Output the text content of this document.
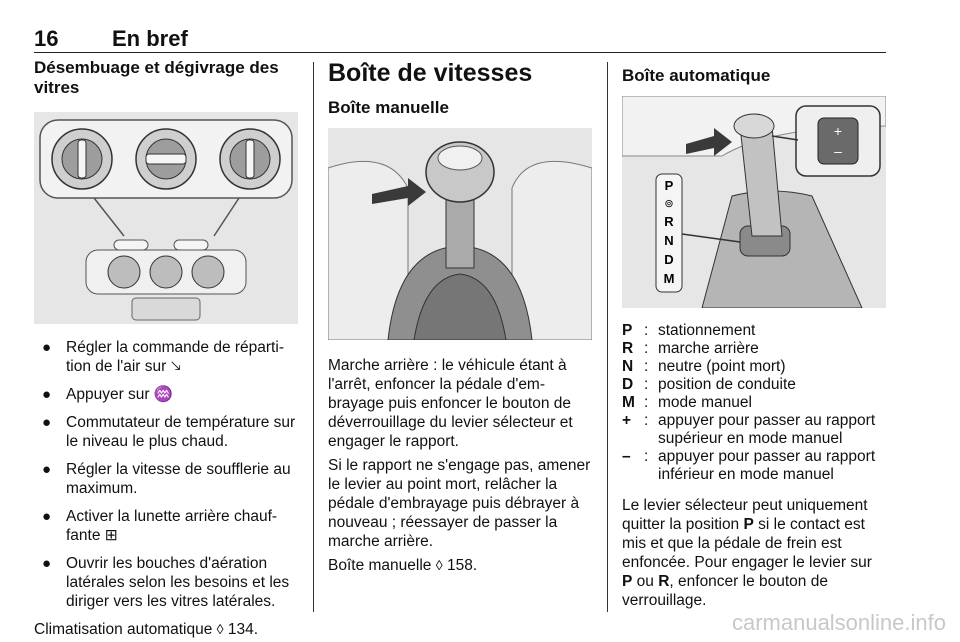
16 En bref
Désembuage et dégivrage des vitres
● Régler la commande de répartition de l'air sur 🡖
● Appuyer sur ♒
● Commutateur de température sur le niveau le plus chaud.
● Régler la vitesse de soufflerie au maximum.
● Activer la lunette arrière chauffante ⊞
● Ouvrir les bouches d'aération latérales selon les besoins et les diriger vers les vitres latérales.

Climatisation automatique ◊ 134.

Boîte de vitesses
Boîte manuelle

Marche arrière : le véhicule étant à l'arrêt, enfoncer la pédale d'embrayage puis enfoncer le bouton de déverrouillage du levier sélecteur et engager le rapport.

Si le rapport ne s'engage pas, amener le levier au point mort, relâcher la pédale d'embrayage puis débrayer à nouveau ; réessayer de passer la marche arrière.

Boîte manuelle ◊ 158.

Boîte automatique
+
–
P
⊚
R
N
D
M
P : stationnement
R : marche arrière
N : neutre (point mort)
D : position de conduite
M : mode manuel
+ : appuyer pour passer au rapport supérieur en mode manuel
– : appuyer pour passer au rapport inférieur en mode manuel

Le levier sélecteur peut uniquement quitter la position P si le contact est mis et que la pédale de frein est enfoncée. Pour engager le levier sur P ou R, enfoncer le bouton de verrouillage.

carmanualsonline.info
